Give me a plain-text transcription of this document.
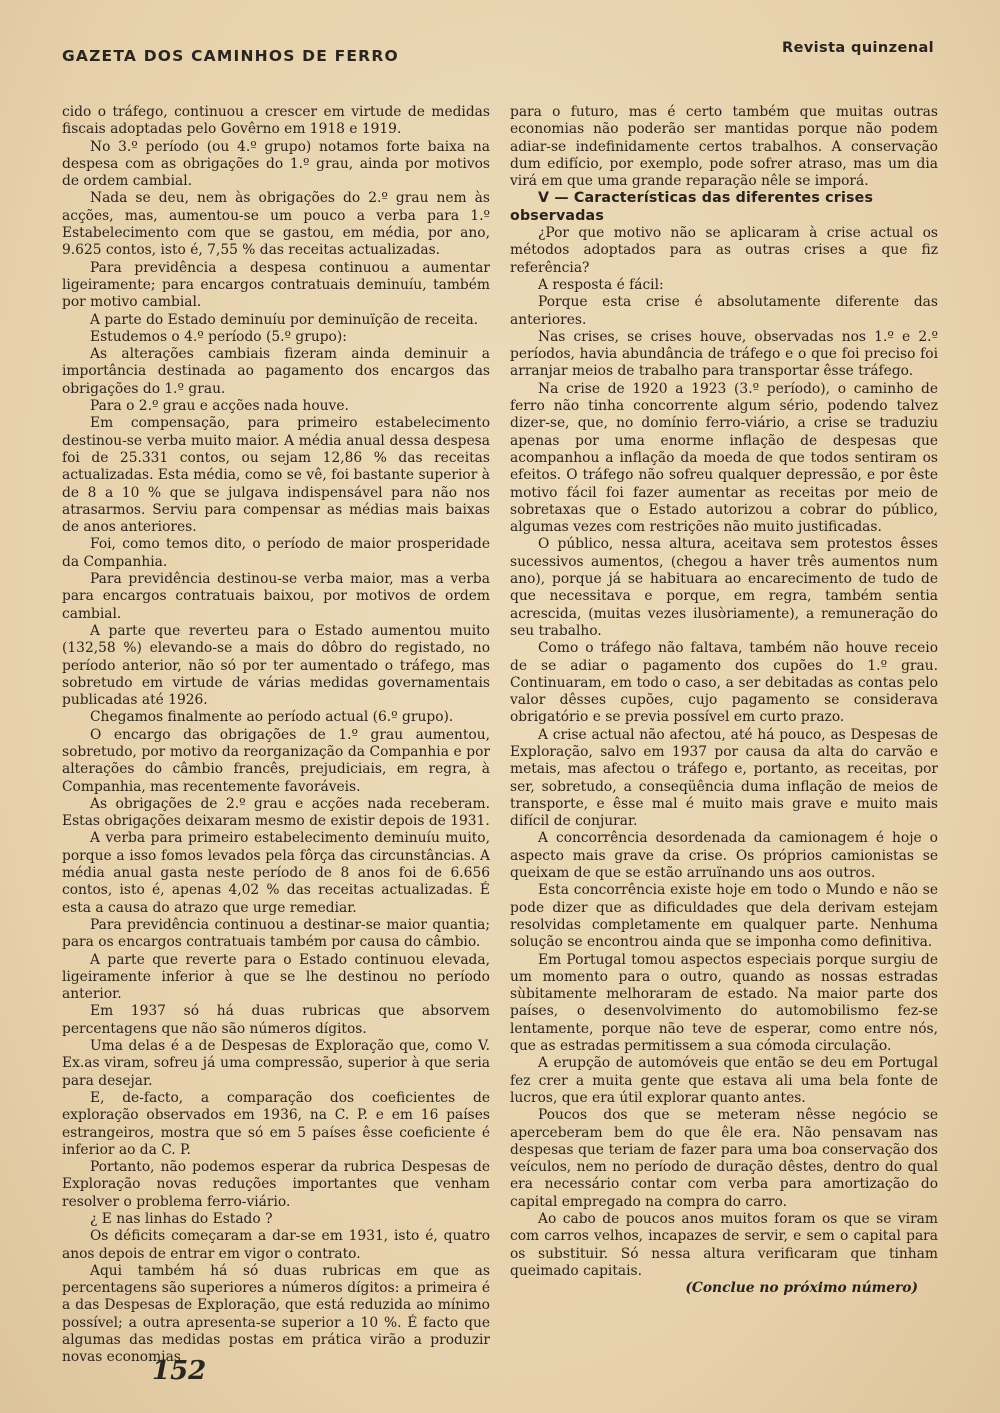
GAZETA DOS CAMINHOS DE FERRO	Revista quinzenal

cido o tráfego, continuou a crescer em virtude de medidas fiscais adoptadas pelo Govêrno em 1918 e 1919.

No 3.º período (ou 4.º grupo) notamos forte baixa na despesa com as obrigações do 1.º grau, ainda por motivos de ordem cambial.

Nada se deu, nem às obrigações do 2.º grau nem às acções, mas, aumentou-se um pouco a verba para 1.º Estabelecimento com que se gastou, em média, por ano, 9.625 contos, isto é, 7,55 % das receitas actualizadas.

Para previdência a despesa continuou a aumentar ligeiramente; para encargos contratuais deminuíu, também por motivo cambial.

A parte do Estado deminuíu por deminuïção de receita.

Estudemos o 4.º período (5.º grupo):

As alterações cambiais fizeram ainda deminuir a importância destinada ao pagamento dos encargos das obrigações do 1.º grau.

Para o 2.º grau e acções nada houve.

Em compensação, para primeiro estabelecimento destinou-se verba muito maior. A média anual dessa despesa foi de 25.331 contos, ou sejam 12,86 % das receitas actualizadas. Esta média, como se vê, foi bastante superior à de 8 a 10 % que se julgava indispensável para não nos atrasarmos. Serviu para compensar as médias mais baixas de anos anteriores.

Foi, como temos dito, o período de maior prosperidade da Companhia.

Para previdência destinou-se verba maior, mas a verba para encargos contratuais baixou, por motivos de ordem cambial.

A parte que reverteu para o Estado aumentou muito (132,58 %) elevando-se a mais do dôbro do registado, no período anterior, não só por ter aumentado o tráfego, mas sobretudo em virtude de várias medidas governamentais publicadas até 1926.

Chegamos finalmente ao período actual (6.º grupo).

O encargo das obrigações de 1.º grau aumentou, sobretudo, por motivo da reorganização da Companhia e por alterações do câmbio francês, prejudiciais, em regra, à Companhia, mas recentemente favoráveis.

As obrigações de 2.º grau e acções nada receberam. Estas obrigações deixaram mesmo de existir depois de 1931.

A verba para primeiro estabelecimento deminuíu muito, porque a isso fomos levados pela fôrça das circunstâncias. A média anual gasta neste período de 8 anos foi de 6.656 contos, isto é, apenas 4,02 % das receitas actualizadas. É esta a causa do atrazo que urge remediar.

Para previdência continuou a destinar-se maior quantia; para os encargos contratuais também por causa do câmbio.

A parte que reverte para o Estado continuou elevada, ligeiramente inferior à que se lhe destinou no período anterior.

Em 1937 só há duas rubricas que absorvem percentagens que não são números dígitos.

Uma delas é a de Despesas de Exploração que, como V. Ex.as viram, sofreu já uma compressão, superior à que seria para desejar.

E, de-facto, a comparação dos coeficientes de exploração observados em 1936, na C. P. e em 16 países estrangeiros, mostra que só em 5 países êsse coeficiente é inferior ao da C. P.

Portanto, não podemos esperar da rubrica Despesas de Exploração novas reduções importantes que venham resolver o problema ferro-viário.

¿ E nas linhas do Estado ?

Os déficits começaram a dar-se em 1931, isto é, quatro anos depois de entrar em vigor o contrato.

Aqui também há só duas rubricas em que as percentagens são superiores a números dígitos: a primeira é a das Despesas de Exploração, que está reduzida ao mínimo possível; a outra apresenta-se superior a 10 %. É facto que algumas das medidas postas em prática virão a produzir novas economias

para o futuro, mas é certo também que muitas outras economias não poderão ser mantidas porque não podem adiar-se indefinidamente certos trabalhos. A conservação dum edifício, por exemplo, pode sofrer atraso, mas um dia virá em que uma grande reparação nêle se imporá.

V — Características das diferentes crises observadas

¿Por que motivo não se aplicaram à crise actual os métodos adoptados para as outras crises a que fiz referência?

A resposta é fácil:

Porque esta crise é absolutamente diferente das anteriores.

Nas crises, se crises houve, observadas nos 1.º e 2.º períodos, havia abundância de tráfego e o que foi preciso foi arranjar meios de trabalho para transportar êsse tráfego.

Na crise de 1920 a 1923 (3.º período), o caminho de ferro não tinha concorrente algum sério, podendo talvez dizer-se, que, no domínio ferro-viário, a crise se traduziu apenas por uma enorme inflação de despesas que acompanhou a inflação da moeda de que todos sentiram os efeitos. O tráfego não sofreu qualquer depressão, e por êste motivo fácil foi fazer aumentar as receitas por meio de sobretaxas que o Estado autorizou a cobrar do público, algumas vezes com restrições não muito justificadas.

O público, nessa altura, aceitava sem protestos êsses sucessivos aumentos, (chegou a haver três aumentos num ano), porque já se habituara ao encarecimento de tudo de que necessitava e porque, em regra, também sentia acrescida, (muitas vezes ilusòriamente), a remuneração do seu trabalho.

Como o tráfego não faltava, também não houve receio de se adiar o pagamento dos cupões do 1.º grau. Continuaram, em todo o caso, a ser debitadas as contas pelo valor dêsses cupões, cujo pagamento se considerava obrigatório e se previa possível em curto prazo.

A crise actual não afectou, até há pouco, as Despesas de Exploração, salvo em 1937 por causa da alta do carvão e metais, mas afectou o tráfego e, portanto, as receitas, por ser, sobretudo, a conseqüência duma inflação de meios de transporte, e êsse mal é muito mais grave e muito mais difícil de conjurar.

A concorrência desordenada da camionagem é hoje o aspecto mais grave da crise. Os próprios camionistas se queixam de que se estão arruïnando uns aos outros.

Esta concorrência existe hoje em todo o Mundo e não se pode dizer que as dificuldades que dela derivam estejam resolvidas completamente em qualquer parte. Nenhuma solução se encontrou ainda que se imponha como definitiva.

Em Portugal tomou aspectos especiais porque surgiu de um momento para o outro, quando as nossas estradas sùbitamente melhoraram de estado. Na maior parte dos países, o desenvolvimento do automobilismo fez-se lentamente, porque não teve de esperar, como entre nós, que as estradas permitissem a sua cómoda circulação.

A erupção de automóveis que então se deu em Portugal fez crer a muita gente que estava ali uma bela fonte de lucros, que era útil explorar quanto antes.

Poucos dos que se meteram nêsse negócio se aperceberam bem do que êle era. Não pensavam nas despesas que teriam de fazer para uma boa conservação dos veículos, nem no período de duração dêstes, dentro do qual era necessário contar com verba para amortização do capital empregado na compra do carro.

Ao cabo de poucos anos muitos foram os que se viram com carros velhos, incapazes de servir, e sem o capital para os substituir. Só nessa altura verificaram que tinham queimado capitais.

(Conclue no próximo número)

152
